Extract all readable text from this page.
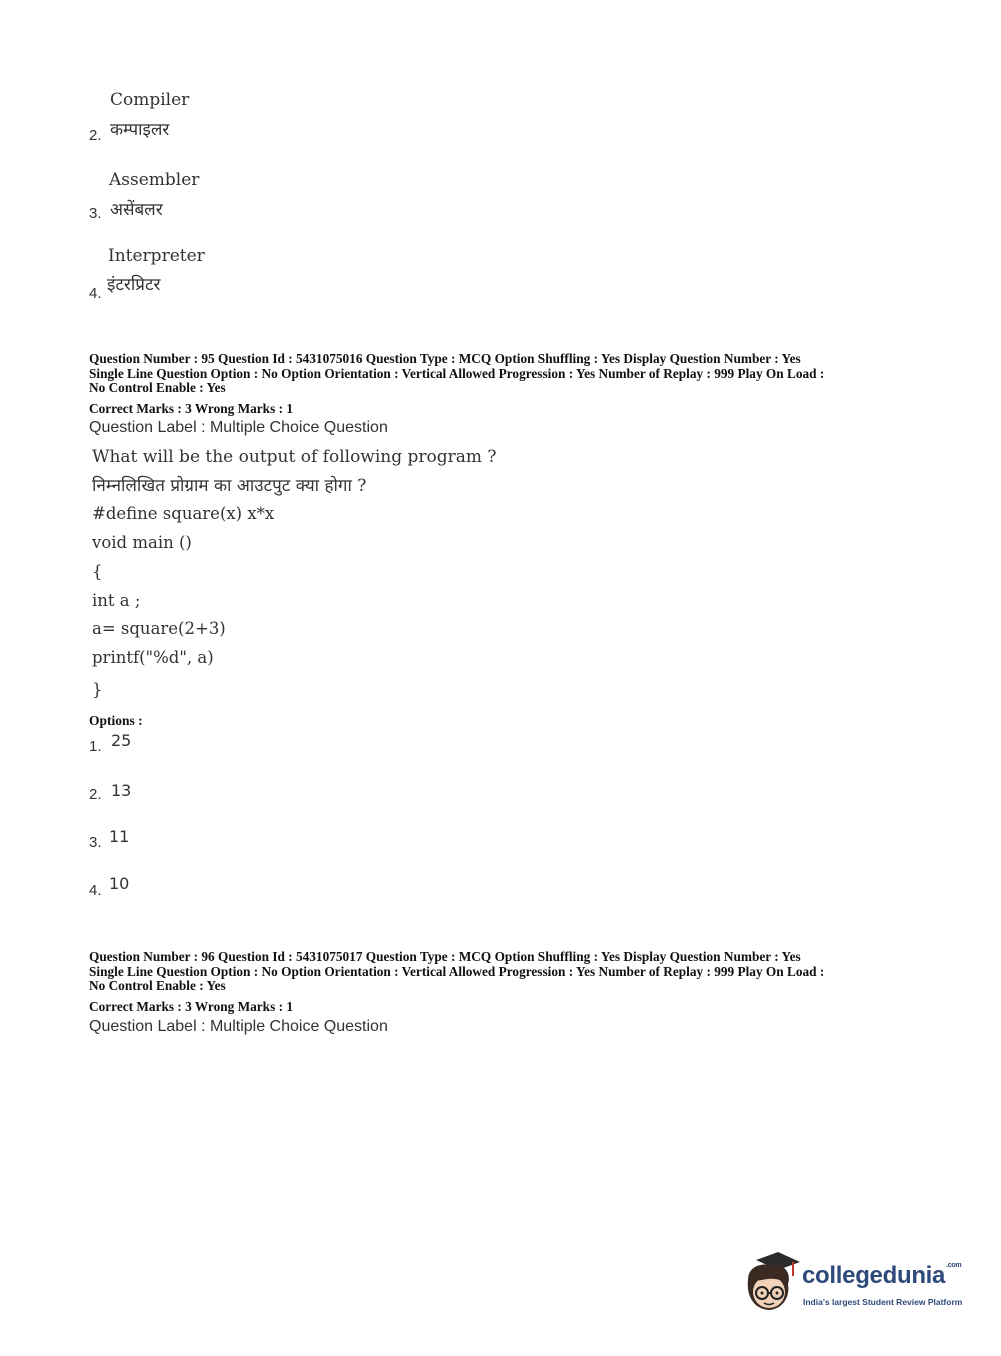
Compiler
2. कम्पाइलर
Assembler
3. असेंबलर
Interpreter
4. इंटरप्रिटर
Question Number : 95 Question Id : 5431075016 Question Type : MCQ Option Shuffling : Yes Display Question Number : Yes
Single Line Question Option : No Option Orientation : Vertical Allowed Progression : Yes Number of Replay : 999 Play On Load :
No Control Enable : Yes
Correct Marks : 3 Wrong Marks : 1
Question Label : Multiple Choice Question
What will be the output of following program ?
निम्नलिखित प्रोग्राम का आउटपुट क्या होगा ?
#define square(x) x*x
void main ()
{
int a ;
a= square(2+3)
printf("%d", a)
}
Options :
1. 25
2. 13
3. 11
4. 10
Question Number : 96 Question Id : 5431075017 Question Type : MCQ Option Shuffling : Yes Display Question Number : Yes
Single Line Question Option : No Option Orientation : Vertical Allowed Progression : Yes Number of Replay : 999 Play On Load :
No Control Enable : Yes
Correct Marks : 3 Wrong Marks : 1
Question Label : Multiple Choice Question
collegedunia$^{.com}$
India's largest Student Review Platform
